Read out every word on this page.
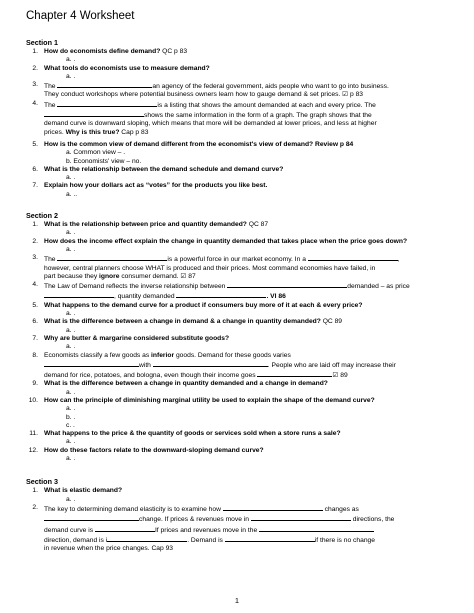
Chapter 4 Worksheet
Section 1
1. How do economists define demand? QC p 83
a. .
2. What tools do economists use to measure demand?
a. .
3. The	an agency of the federal government, aids people who want to go into business.
They conduct workshops where potential business owners learn how to gauge demand & set prices. ☑ p 83
4. The	is a listing that shows the amount demanded at each and every price. The
shows the same information in the form of a graph. The graph shows that the
demand curve is downward sloping, which means that more will be demanded at lower prices, and less at higher
prices. Why is this true? Cap p 83
5. How is the common view of demand different from the economist's view of demand? Review p 84
a. Common view – .
b. Economists' view – no.
6. What is the relationship between the demand schedule and demand curve?
a. .
7. Explain how your dollars act as “votes” for the products you like best.
a. ..
Section 2
1. What is the relationship between price and quantity demanded? QC 87
a. .
2. How does the income effect explain the change in quantity demanded that takes place when the price goes down?
a. .
3. The	is a powerful force in our market economy. In a	,
however, central planners choose WHAT is produced and their prices. Most command economies have failed, in
part because they ignore consumer demand. ☑ 87
4. The Law of Demand reflects the inverse relationship between	demanded – as price
, quantity demanded	. VI 86
5. What happens to the demand curve for a product if consumers buy more of it at each & every price?
a. .
6. What is the difference between a change in demand & a change in quantity demanded? QC 89
a. .
7. Why are butter & margarine considered substitute goods?
a. .
8. Economists classify a few goods as inferior goods. Demand for these goods varies
with	. People who are laid off may increase their
demand for rice, potatoes, and bologna, even though their income goes	☑ 89
9. What is the difference between a change in quantity demanded and a change in demand?
a. .
10. How can the principle of diminishing marginal utility be used to explain the shape of the demand curve?
a. .
b. .
c. .
11. What happens to the price & the quantity of goods or services sold when a store runs a sale?
a. .
12. How do these factors relate to the downward-sloping demand curve?
a. .
Section 3
1. What is elastic demand?
a. .
2. The key to determining demand elasticity is to examine how	changes as
change. If prices & revenues move in	directions, the
demand curve is	If prices and revenues move in the
direction, demand is i	. Demand is	if there is no change
in revenue when the price changes. Cap 93
1
